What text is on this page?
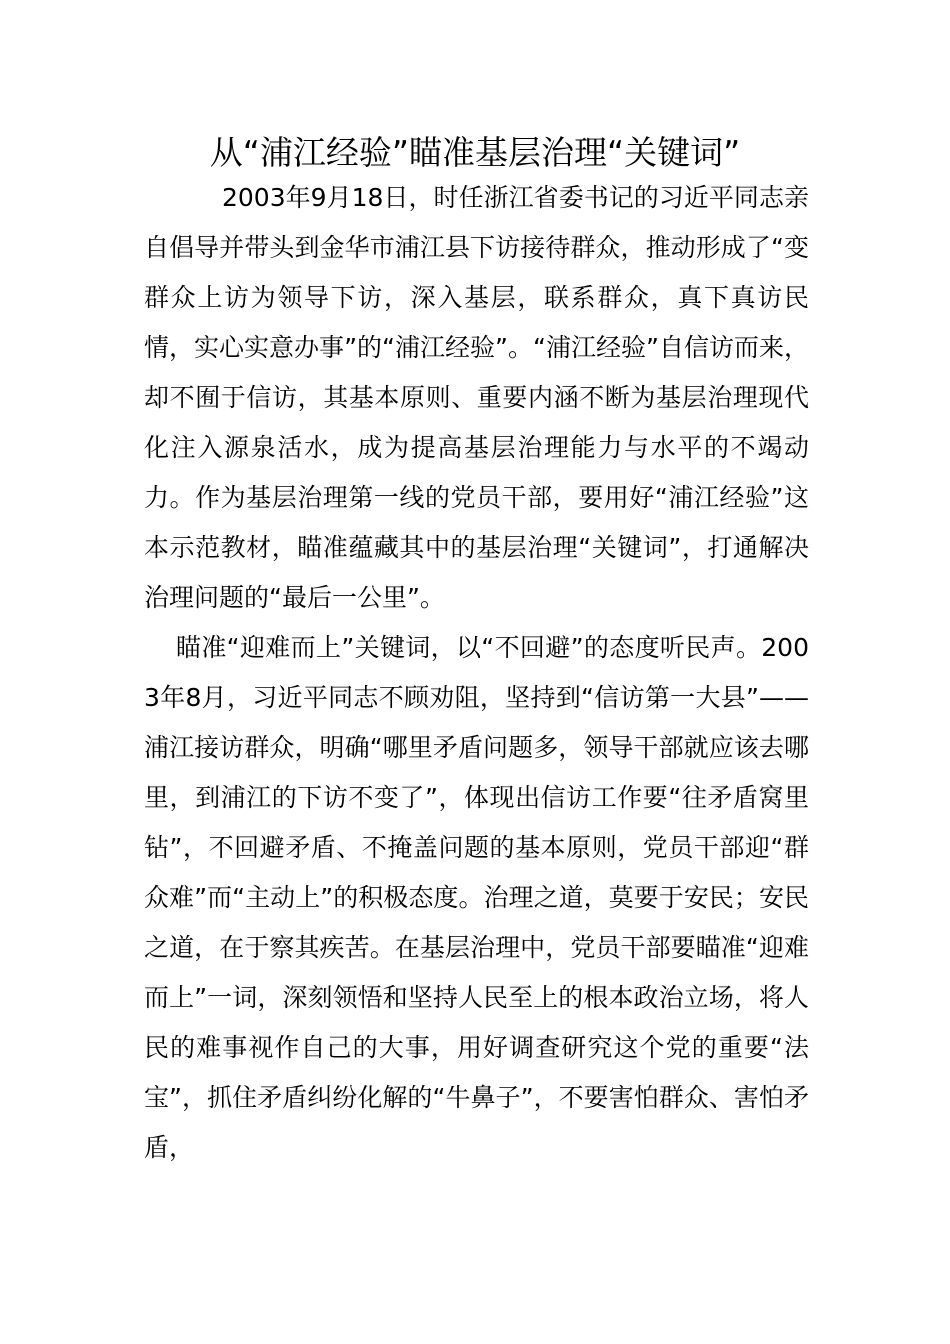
从“浦江经验”瞄准基层治理“关键词”

2003年9月18日，时任浙江省委书记的习近平同志亲自倡导并带头到金华市浦江县下访接待群众，推动形成了“变群众上访为领导下访，深入基层，联系群众，真下真访民情，实心实意办事”的“浦江经验”。“浦江经验”自信访而来，却不囿于信访，其基本原则、重要内涵不断为基层治理现代化注入源泉活水，成为提高基层治理能力与水平的不竭动力。作为基层治理第一线的党员干部，要用好“浦江经验”这本示范教材，瞄准蕴藏其中的基层治理“关键词”，打通解决治理问题的“最后一公里”。

瞄准“迎难而上”关键词，以“不回避”的态度听民声。2003年8月，习近平同志不顾劝阻，坚持到“信访第一大县”——浦江接访群众，明确“哪里矛盾问题多，领导干部就应该去哪里，到浦江的下访不变了”，体现出信访工作要“往矛盾窝里钻”，不回避矛盾、不掩盖问题的基本原则，党员干部迎“群众难”而“主动上”的积极态度。治理之道，莫要于安民；安民之道，在于察其疾苦。在基层治理中，党员干部要瞄准“迎难而上”一词，深刻领悟和坚持人民至上的根本政治立场，将人民的难事视作自己的大事，用好调查研究这个党的重要“法宝”，抓住矛盾纠纷化解的“牛鼻子”，不要害怕群众、害怕矛盾，
